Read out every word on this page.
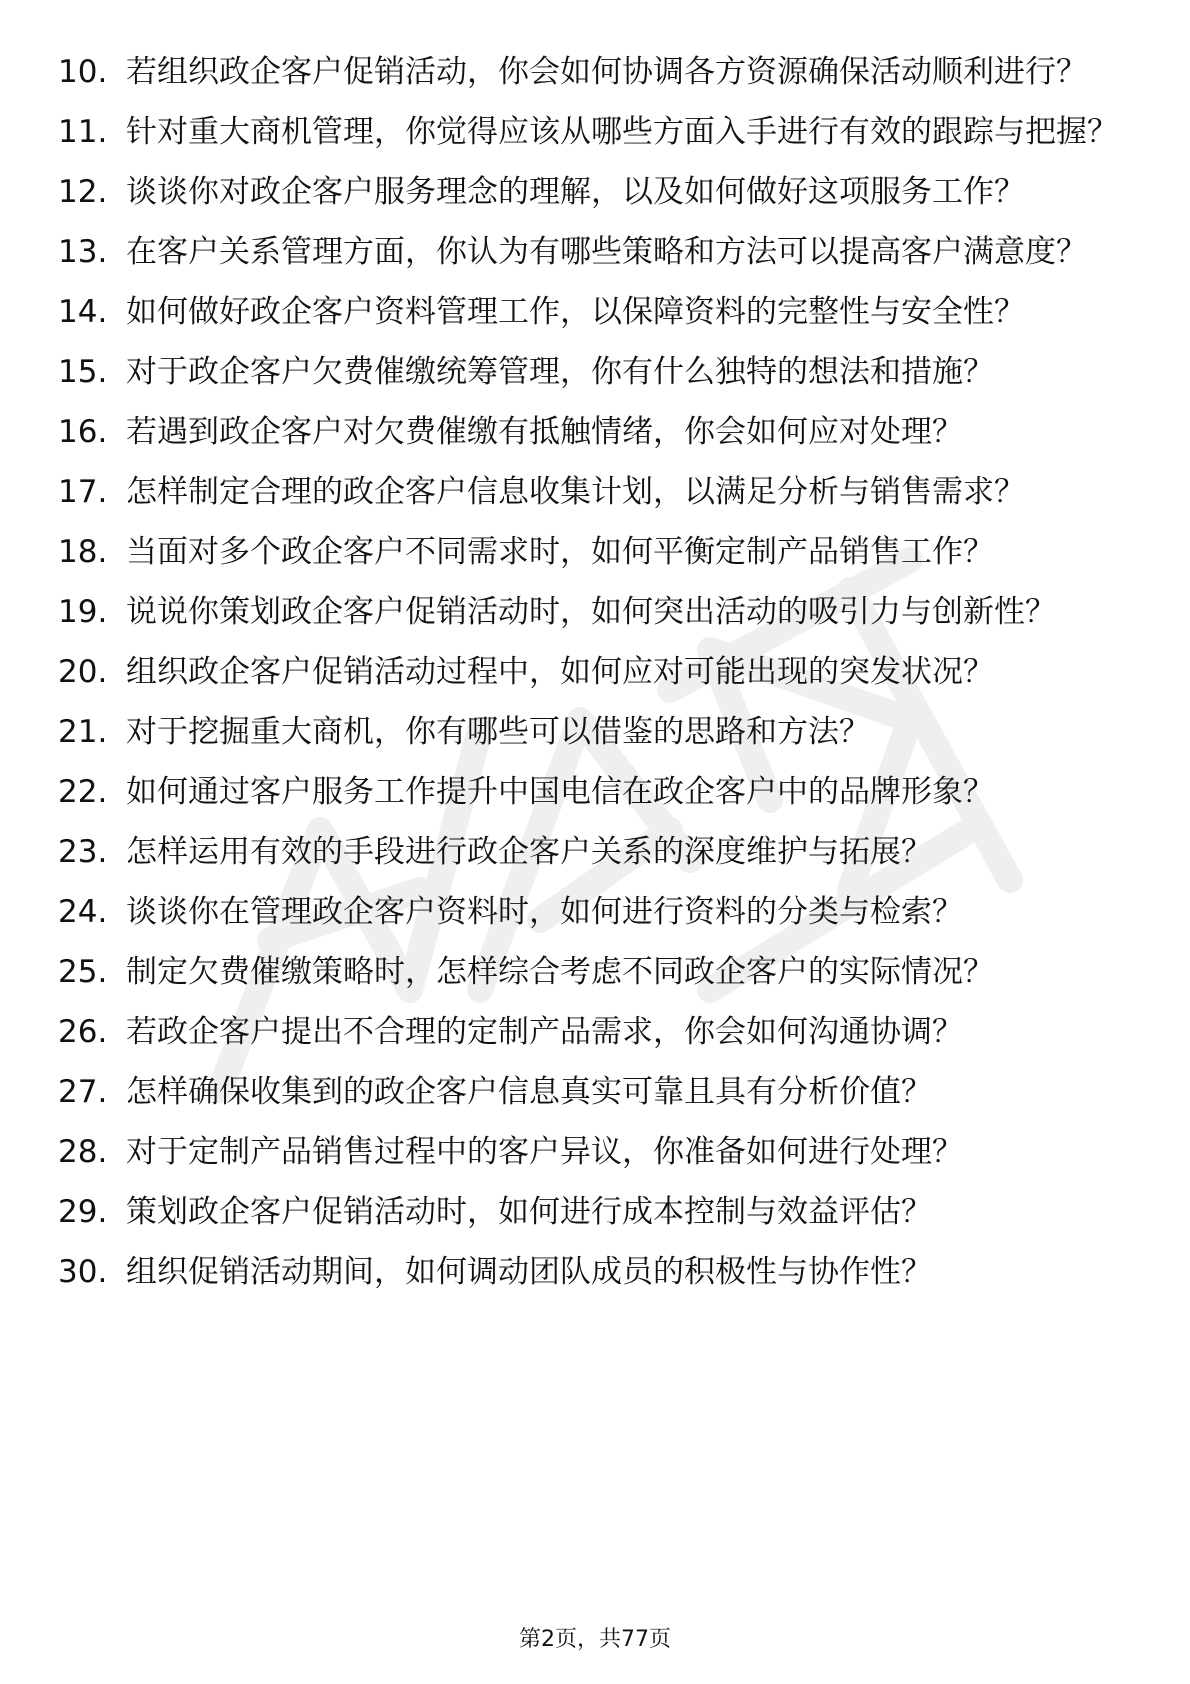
10. 若组织政企客户促销活动，你会如何协调各方资源确保活动顺利进行？
11. 针对重大商机管理，你觉得应该从哪些方面入手进行有效的跟踪与把握？
12. 谈谈你对政企客户服务理念的理解，以及如何做好这项服务工作？
13. 在客户关系管理方面，你认为有哪些策略和方法可以提高客户满意度？
14. 如何做好政企客户资料管理工作，以保障资料的完整性与安全性？
15. 对于政企客户欠费催缴统筹管理，你有什么独特的想法和措施？
16. 若遇到政企客户对欠费催缴有抵触情绪，你会如何应对处理？
17. 怎样制定合理的政企客户信息收集计划，以满足分析与销售需求？
18. 当面对多个政企客户不同需求时，如何平衡定制产品销售工作？
19. 说说你策划政企客户促销活动时，如何突出活动的吸引力与创新性？
20. 组织政企客户促销活动过程中，如何应对可能出现的突发状况？
21. 对于挖掘重大商机，你有哪些可以借鉴的思路和方法？
22. 如何通过客户服务工作提升中国电信在政企客户中的品牌形象？
23. 怎样运用有效的手段进行政企客户关系的深度维护与拓展？
24. 谈谈你在管理政企客户资料时，如何进行资料的分类与检索？
25. 制定欠费催缴策略时，怎样综合考虑不同政企客户的实际情况？
26. 若政企客户提出不合理的定制产品需求，你会如何沟通协调？
27. 怎样确保收集到的政企客户信息真实可靠且具有分析价值？
28. 对于定制产品销售过程中的客户异议，你准备如何进行处理？
29. 策划政企客户促销活动时，如何进行成本控制与效益评估？
30. 组织促销活动期间，如何调动团队成员的积极性与协作性？
第2页，共77页
